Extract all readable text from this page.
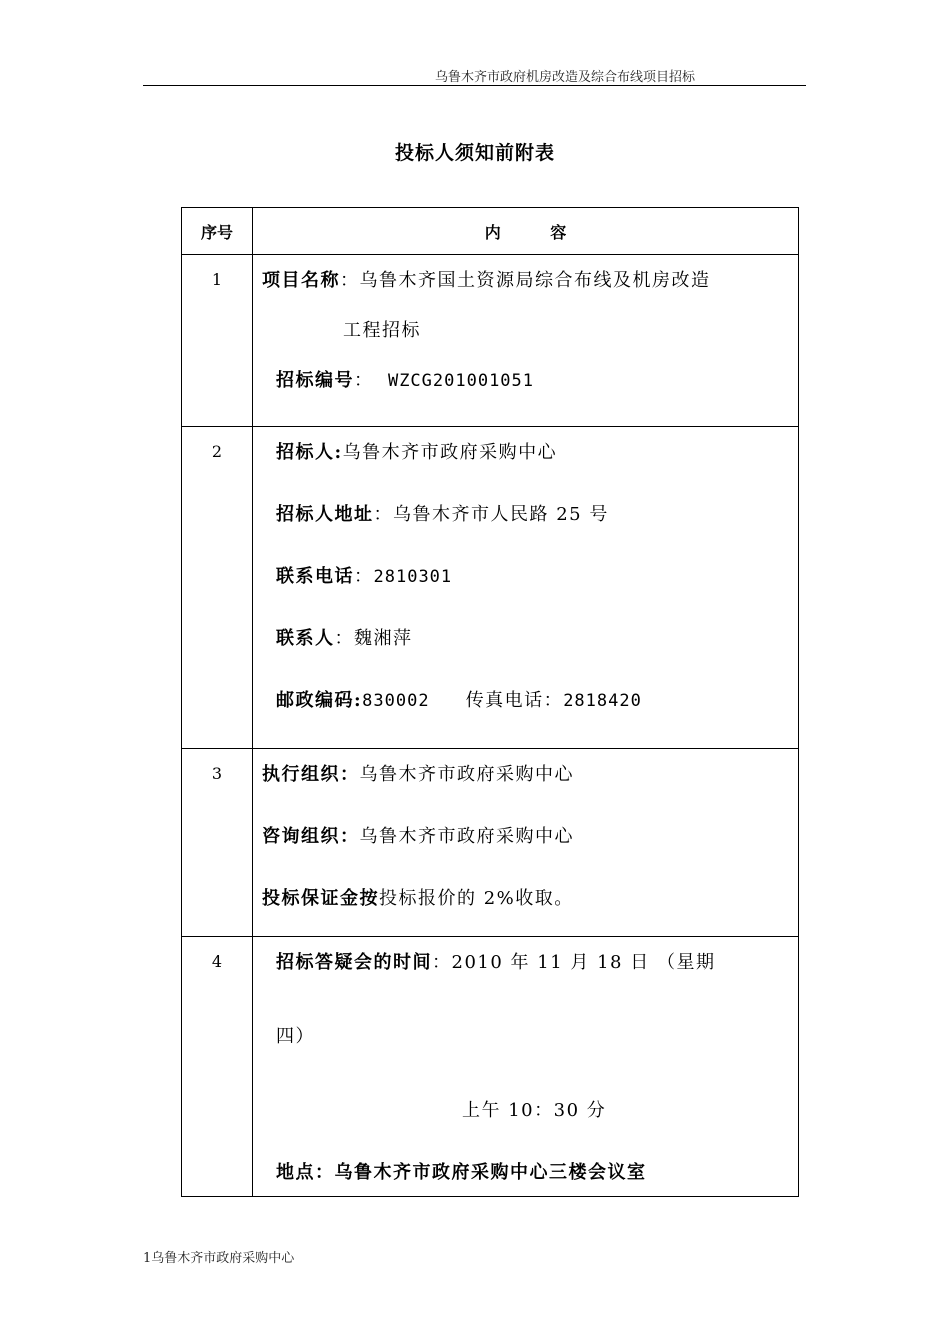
乌鲁木齐市政府机房改造及综合布线项目招标
投标人须知前附表
序号	内 容
1	项目名称：乌鲁木齐国土资源局综合布线及机房改造
工程招标
招标编号： WZCG201001051

2	招标人:乌鲁木齐市政府采购中心
招标人地址：乌鲁木齐市人民路 25 号
联系电话：2810301
联系人：魏湘萍
邮政编码:830002 传真电话：2818420

3	执行组织：乌鲁木齐市政府采购中心
咨询组织：乌鲁木齐市政府采购中心
投标保证金按投标报价的 2%收取。

4	招标答疑会的时间：2010 年 11 月 18 日 （星期
四）
上午 10：30 分
地点：乌鲁木齐市政府采购中心三楼会议室
1乌鲁木齐市政府采购中心
